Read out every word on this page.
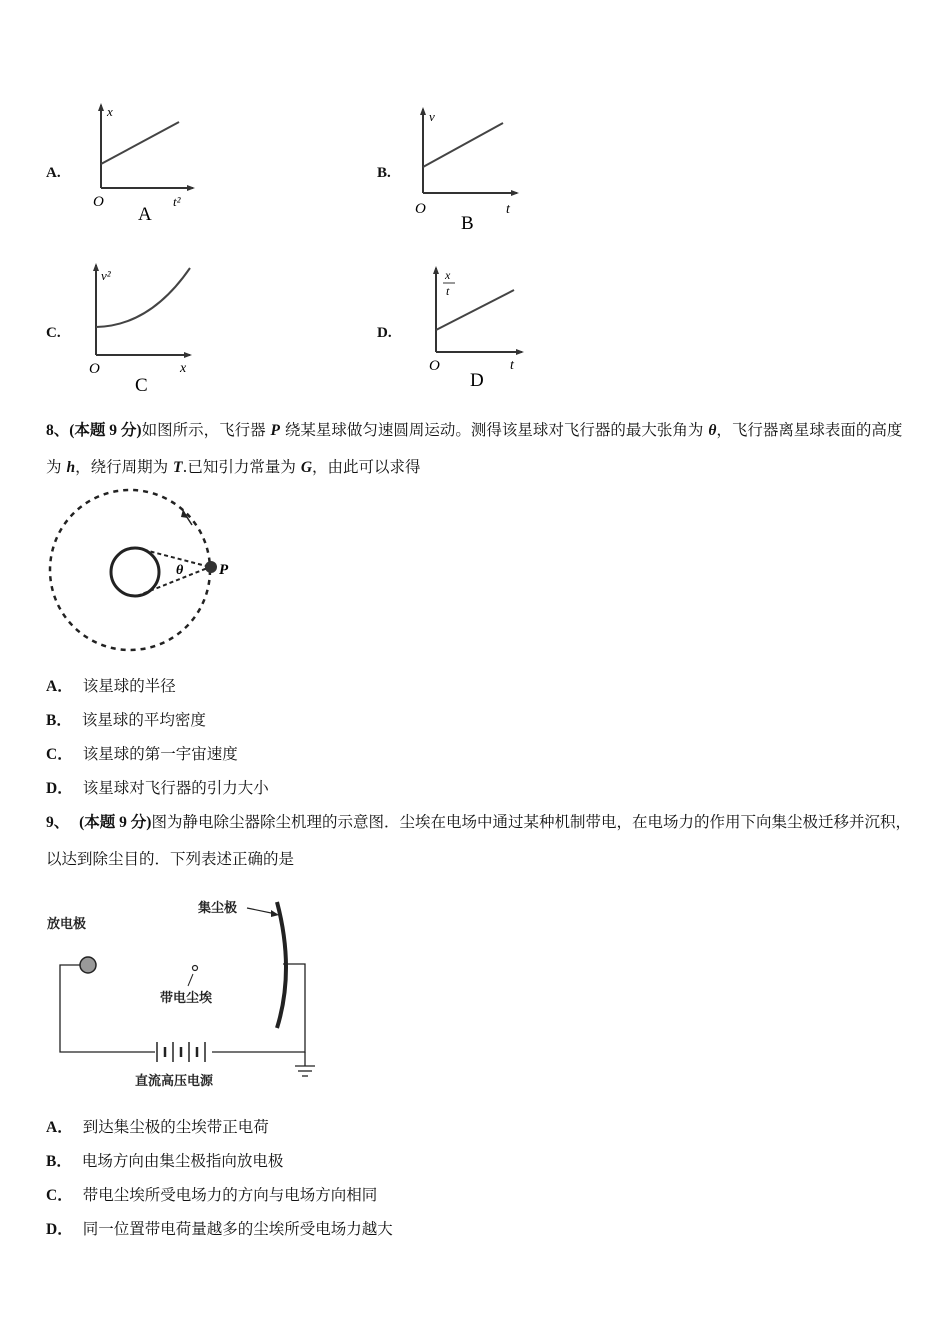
A.
x
t²
O
A
B.
v
t
O
B
C.
v²
x
O
C
D.
x
t
t
O
D
8、(本题 9 分)如图所示，飞行器 P 绕某星球做匀速圆周运动。测得该星球对飞行器的最大张角为 θ，飞行器离星球表面的高度为 h，绕行周期为 T.已知引力常量为 G，由此可以求得
θ P
A． 该星球的半径
B． 该星球的平均密度
C． 该星球的第一宇宙速度
D． 该星球对飞行器的引力大小
9、 (本题 9 分)图为静电除尘器除尘机理的示意图．尘埃在电场中通过某种机制带电，在电场力的作用下向集尘极迁移并沉积，以达到除尘目的．下列表述正确的是
放电极
集尘极
带电尘埃
直流高压电源
A． 到达集尘极的尘埃带正电荷
B． 电场方向由集尘极指向放电极
C． 带电尘埃所受电场力的方向与电场方向相同
D． 同一位置带电荷量越多的尘埃所受电场力越大
